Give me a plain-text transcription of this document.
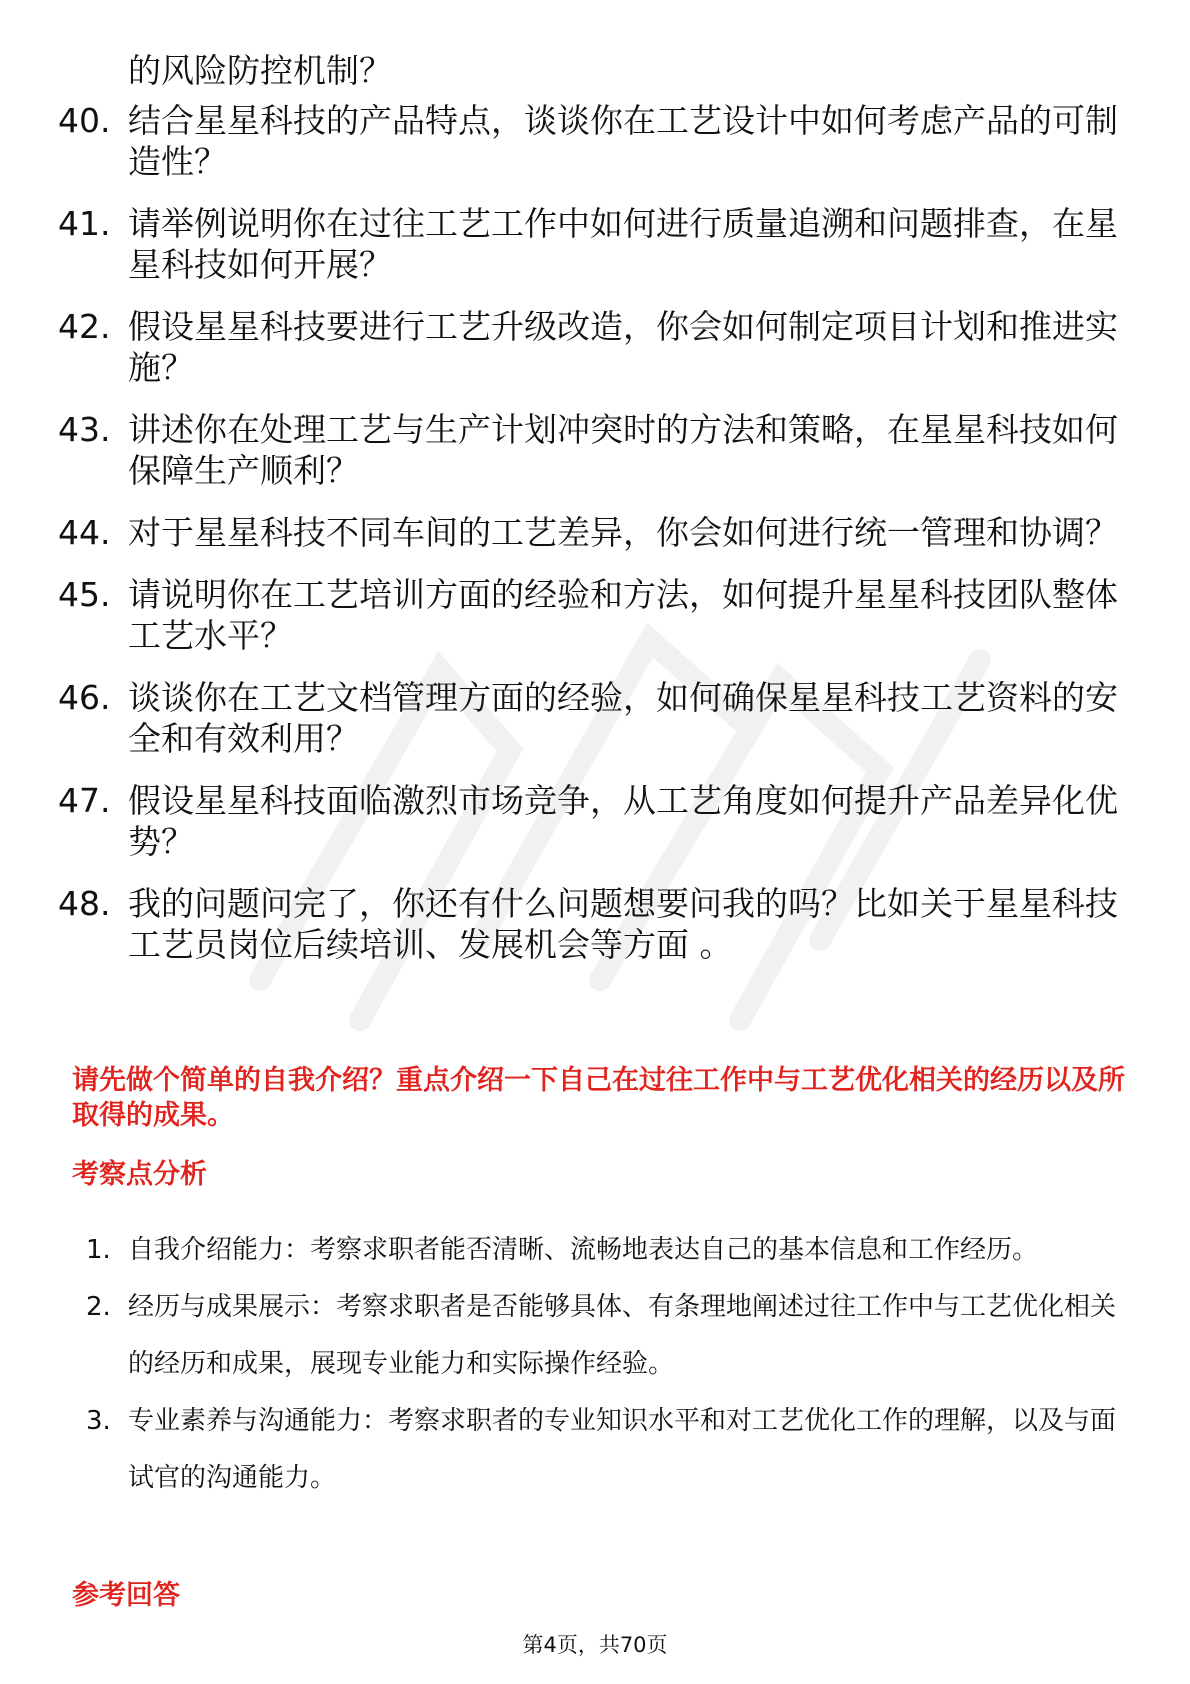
的风险防控机制？
40. 结合星星科技的产品特点，谈谈你在工艺设计中如何考虑产品的可制造性？
41. 请举例说明你在过往工艺工作中如何进行质量追溯和问题排查，在星星科技如何开展？
42. 假设星星科技要进行工艺升级改造，你会如何制定项目计划和推进实施？
43. 讲述你在处理工艺与生产计划冲突时的方法和策略，在星星科技如何保障生产顺利？
44. 对于星星科技不同车间的工艺差异，你会如何进行统一管理和协调？
45. 请说明你在工艺培训方面的经验和方法，如何提升星星科技团队整体工艺水平？
46. 谈谈你在工艺文档管理方面的经验，如何确保星星科技工艺资料的安全和有效利用？
47. 假设星星科技面临激烈市场竞争，从工艺角度如何提升产品差异化优势？
48. 我的问题问完了，你还有什么问题想要问我的吗？比如关于星星科技工艺员岗位后续培训、发展机会等方面 。
请先做个简单的自我介绍？重点介绍一下自己在过往工作中与工艺优化相关的经历以及所取得的成果。
考察点分析
1. 自我介绍能力：考察求职者能否清晰、流畅地表达自己的基本信息和工作经历。
2. 经历与成果展示：考察求职者是否能够具体、有条理地阐述过往工作中与工艺优化相关的经历和成果，展现专业能力和实际操作经验。
3. 专业素养与沟通能力：考察求职者的专业知识水平和对工艺优化工作的理解，以及与面试官的沟通能力。
参考回答
第4页，共70页
